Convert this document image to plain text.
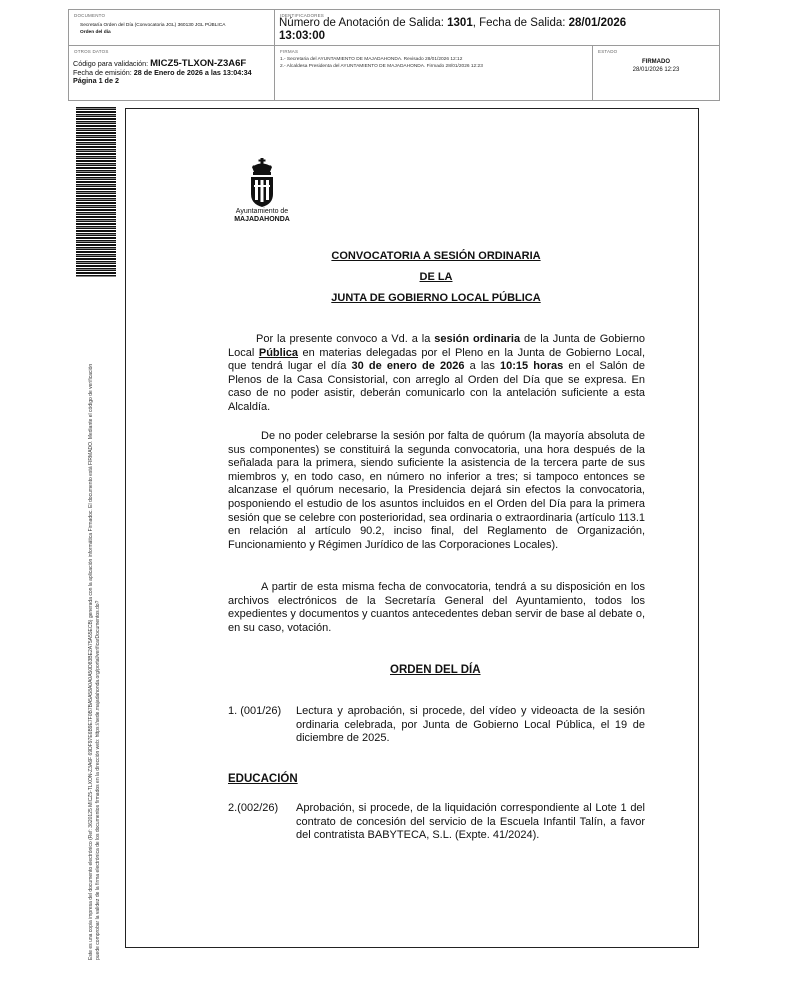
DOCUMENTO
Secretaría Orden del Día (Convocatoria JGL) 360130 JGL PÚBLICA
Orden del día
IDENTIFICADORES
Número de Anotación de Salida: 1301, Fecha de Salida: 28/01/2026
13:03:00
OTROS DATOS
Código para validación: MICZ5-TLXON-Z3A6F
Fecha de emisión: 28 de Enero de 2026 a las 13:04:34
Página 1 de 2
FIRMAS
1.- Secretaria del AYUNTAMIENTO DE MAJADAHONDA. Revisado 28/01/2026 12:12
2.- Alcaldesa Presidenta del AYUNTAMIENTO DE MAJADAHONDA. Firmado 28/01/2026 12:23
ESTADO
FIRMADO
28/01/2026 12:23
Este es una copia impresa del documento electrónico (Ref: 3620125 MICZ5-TLXON-Z3A6F 69DF97E6B9E7F0B7BA5A58A0A0A50D83BE2A75A55ECB) generada con la aplicación informática Firmadoc. El documento está FIRMADO. Mediante el código de verificación puede comprobar la validez de la firma electrónica de los documentos firmados en la dirección web: https://sede.majadahonda.org/portal/verificarDocumentos.do?
Ayuntamiento de
MAJADAHONDA
CONVOCATORIA A SESIÓN ORDINARIA
DE LA
JUNTA DE GOBIERNO LOCAL PÚBLICA
Por la presente convoco a Vd. a la sesión ordinaria de la Junta de Gobierno Local Pública en materias delegadas por el Pleno en la Junta de Gobierno Local, que tendrá lugar el día 30 de enero de 2026 a las 10:15 horas en el Salón de Plenos de la Casa Consistorial, con arreglo al Orden del Día que se expresa. En caso de no poder asistir, deberán comunicarlo con la antelación suficiente a esta Alcaldía.
De no poder celebrarse la sesión por falta de quórum (la mayoría absoluta de sus componentes) se constituirá la segunda convocatoria, una hora después de la señalada para la primera, siendo suficiente la asistencia de la tercera parte de sus miembros y, en todo caso, en número no inferior a tres; si tampoco entonces se alcanzase el quórum necesario, la Presidencia dejará sin efectos la convocatoria, posponiendo el estudio de los asuntos incluidos en el Orden del Día para la primera sesión que se celebre con posterioridad, sea ordinaria o extraordinaria (artículo 113.1 en relación al artículo 90.2, inciso final, del Reglamento de Organización, Funcionamiento y Régimen Jurídico de las Corporaciones Locales).
A partir de esta misma fecha de convocatoria, tendrá a su disposición en los archivos electrónicos de la Secretaría General del Ayuntamiento, todos los expedientes y documentos y cuantos antecedentes deban servir de base al debate o, en su caso, votación.
ORDEN DEL DÍA
1. (001/26) Lectura y aprobación, si procede, del vídeo y videoacta de la sesión ordinaria celebrada, por Junta de Gobierno Local Pública, el 19 de diciembre de 2025.
EDUCACIÓN
2.(002/26) Aprobación, si procede, de la liquidación correspondiente al Lote 1 del contrato de concesión del servicio de la Escuela Infantil Talín, a favor del contratista BABYTECA, S.L. (Expte. 41/2024).
